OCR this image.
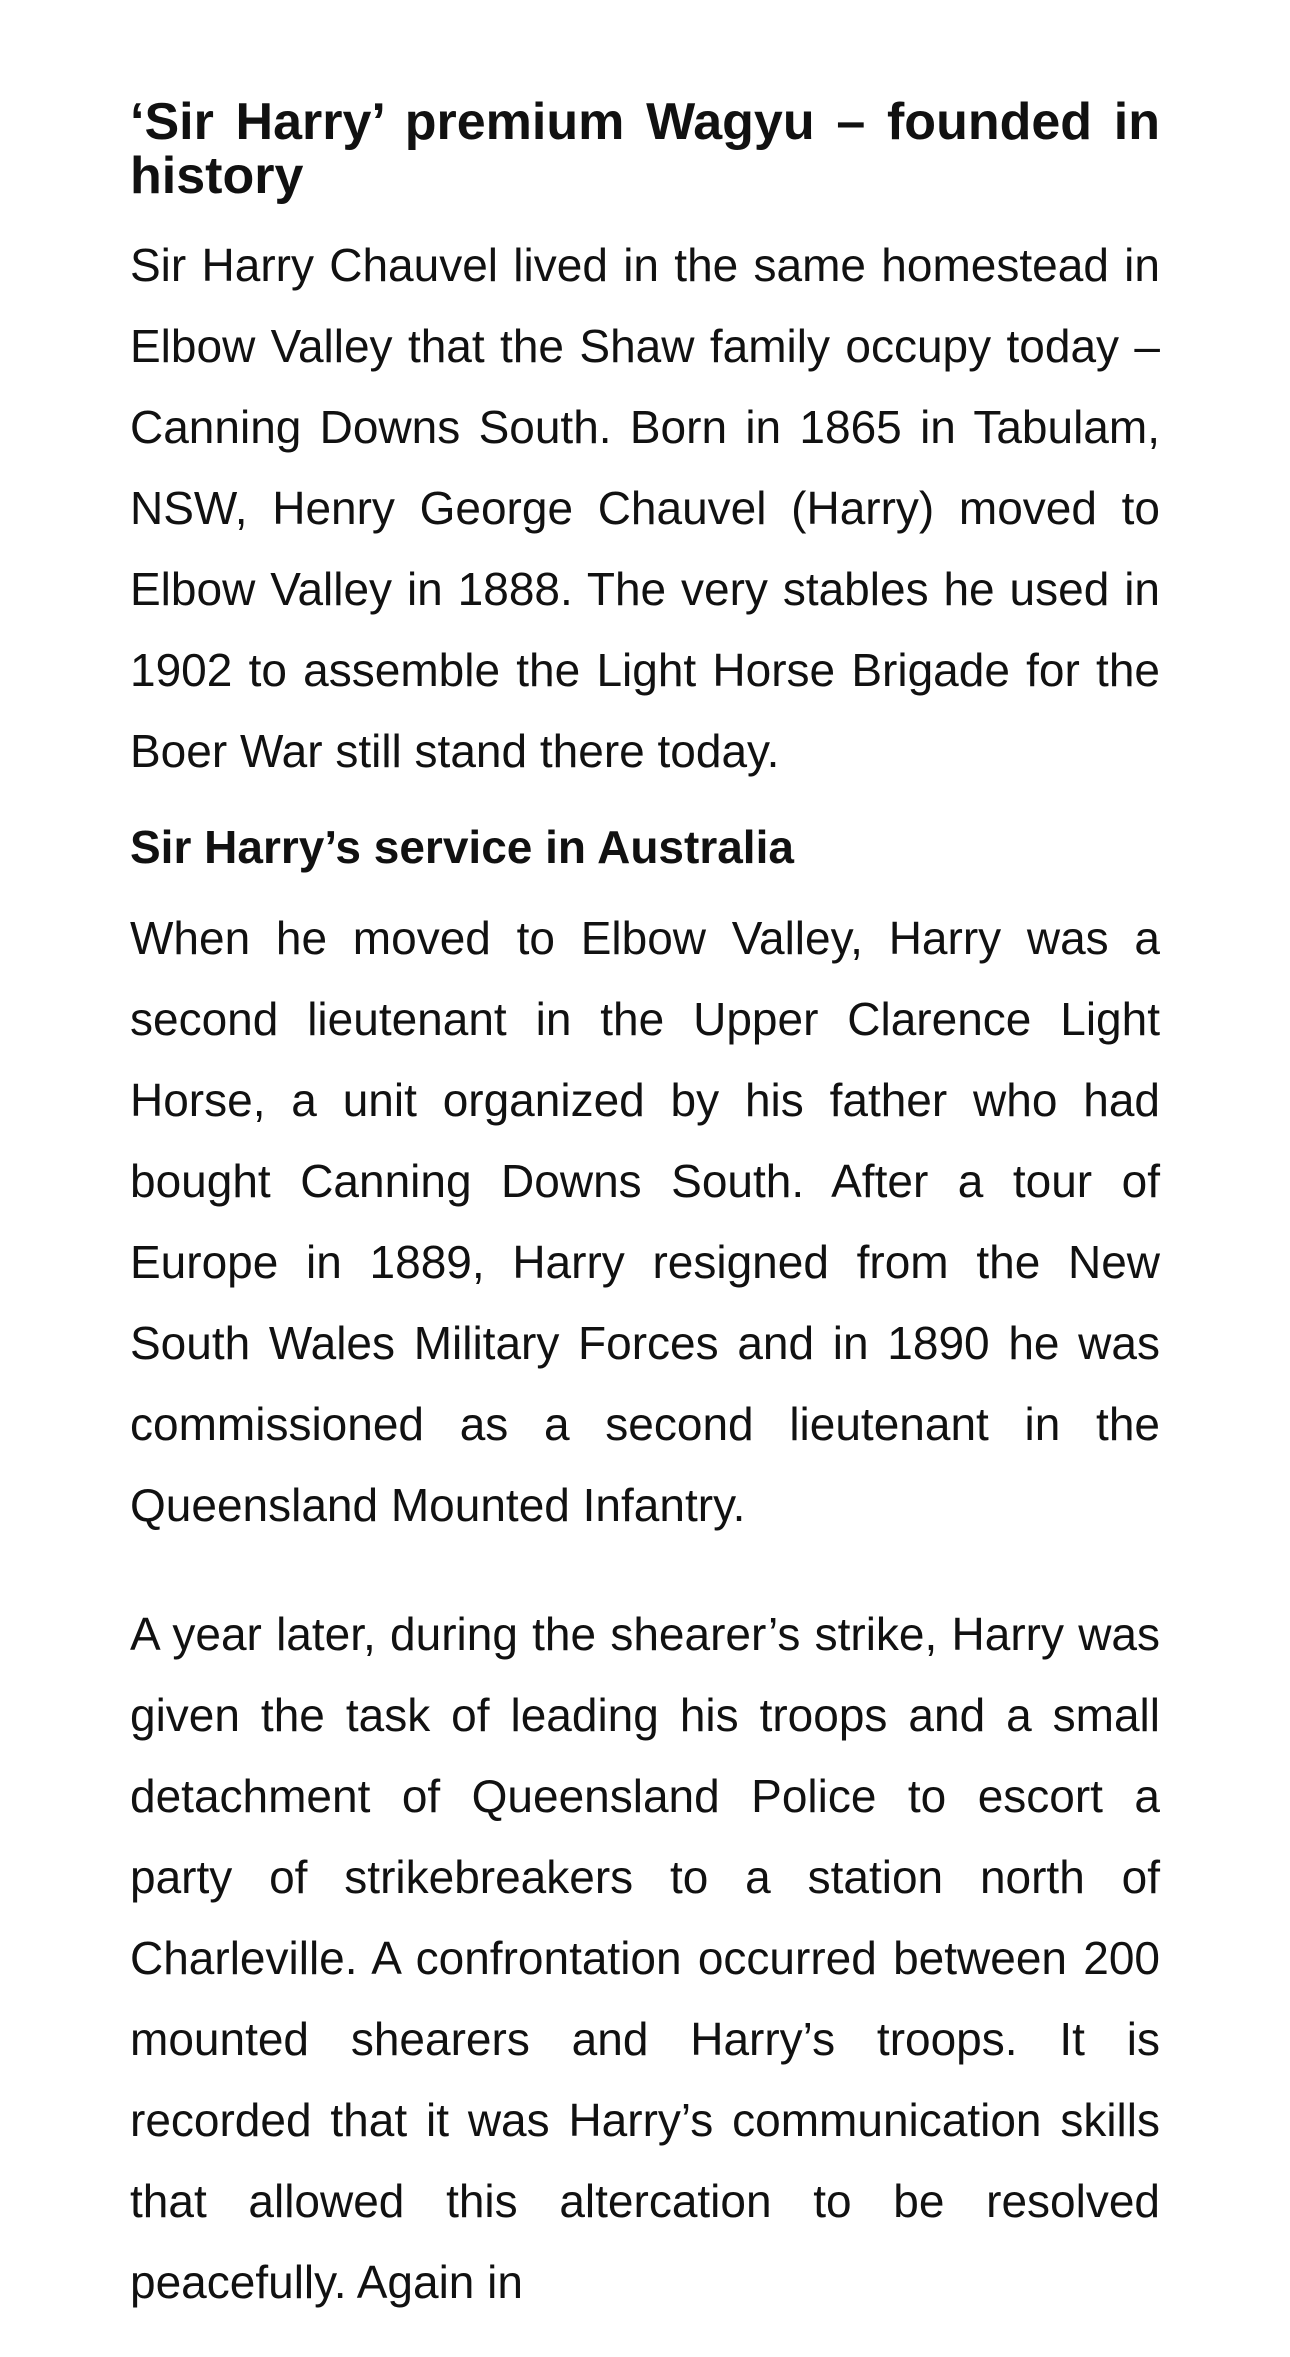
‘Sir Harry’ premium Wagyu – founded in history

Sir Harry Chauvel lived in the same homestead in Elbow Valley that the Shaw family occupy today – Canning Downs South. Born in 1865 in Tabulam, NSW, Henry George Chauvel (Harry) moved to Elbow Valley in 1888. The very stables he used in 1902 to assemble the Light Horse Brigade for the Boer War still stand there today.

Sir Harry’s service in Australia

When he moved to Elbow Valley, Harry was a second lieutenant in the Upper Clarence Light Horse, a unit organized by his father who had bought Canning Downs South. After a tour of Europe in 1889, Harry resigned from the New South Wales Military Forces and in 1890 he was commissioned as a second lieutenant in the Queensland Mounted Infantry.

A year later, during the shearer’s strike, Harry was given the task of leading his troops and a small detachment of Queensland Police to escort a party of strikebreakers to a station north of Charleville. A confrontation occurred between 200 mounted shearers and Harry’s troops. It is recorded that it was Harry’s communication skills that allowed this altercation to be resolved peacefully. Again in
